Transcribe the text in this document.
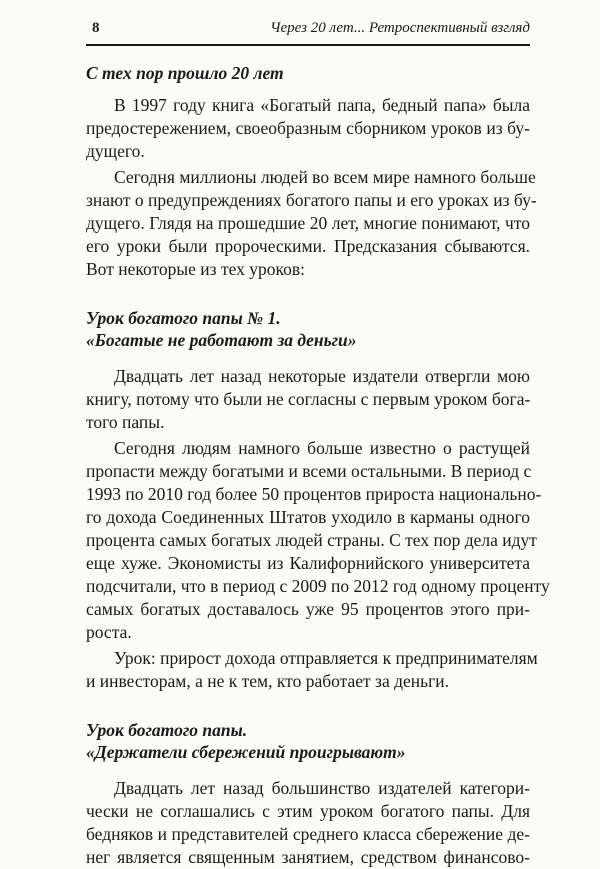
8	Через 20 лет... Ретроспективный взгляд

С тех пор прошло 20 лет

В 1997 году книга «Богатый папа, бедный папа» была
предостережением, своеобразным сборником уроков из бу-
дущего.

Сегодня миллионы людей во всем мире намного больше
знают о предупреждениях богатого папы и его уроках из бу-
дущего. Глядя на прошедшие 20 лет, многие понимают, что
его уроки были пророческими. Предсказания сбываются.
Вот некоторые из тех уроков:

Урок богатого папы № 1.
«Богатые не работают за деньги»

Двадцать лет назад некоторые издатели отвергли мою
книгу, потому что были не согласны с первым уроком бога-
того папы.

Сегодня людям намного больше известно о растущей
пропасти между богатыми и всеми остальными. В период с
1993 по 2010 год более 50 процентов прироста национально-
го дохода Соединенных Штатов уходило в карманы одного
процента самых богатых людей страны. С тех пор дела идут
еще хуже. Экономисты из Калифорнийского университета
подсчитали, что в период с 2009 по 2012 год одному проценту
самых богатых доставалось уже 95 процентов этого при-
роста.

Урок: прирост дохода отправляется к предпринимателям
и инвесторам, а не к тем, кто работает за деньги.

Урок богатого папы.
«Держатели сбережений проигрывают»

Двадцать лет назад большинство издателей категори-
чески не соглашались с этим уроком богатого папы. Для
бедняков и представителей среднего класса сбережение де-
нег является священным занятием, средством финансово-
